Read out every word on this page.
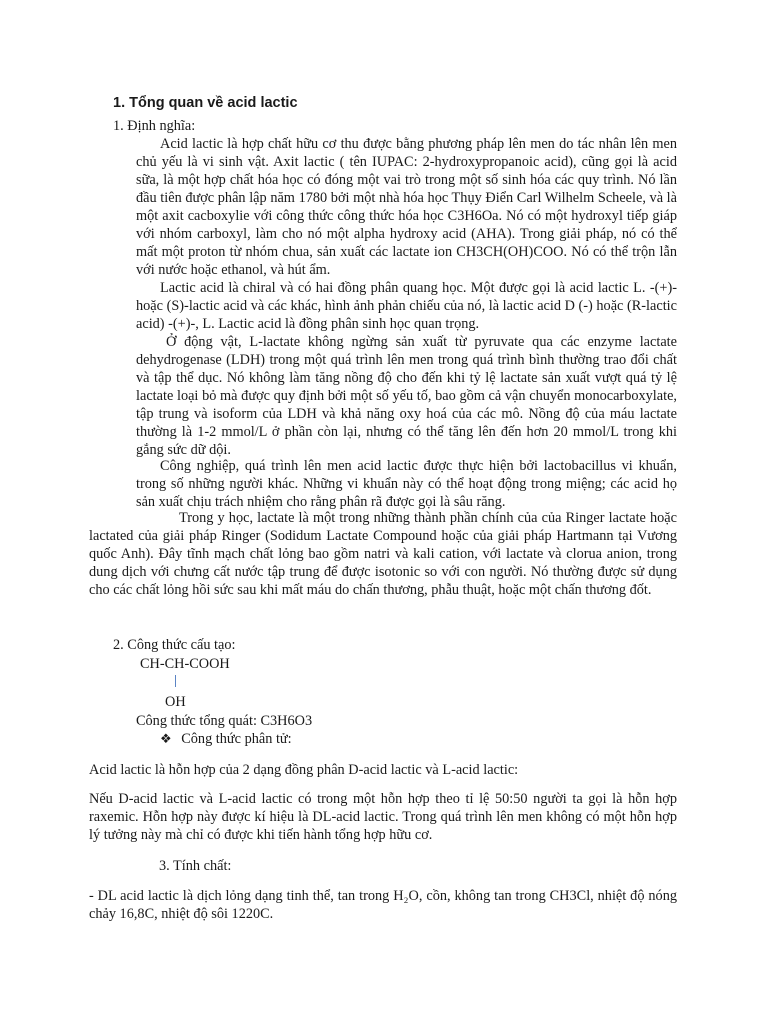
1. Tổng quan về acid lactic
1. Định nghĩa:

Acid lactic là hợp chất hữu cơ thu được bằng phương pháp lên men do tác nhân lên men chủ yếu là vi sinh vật. Axit lactic ( tên IUPAC: 2-hydroxypropanoic acid), cũng gọi là acid sữa, là một hợp chất hóa học có đóng một vai trò trong một số sinh hóa các quy trình. Nó lần đầu tiên được phân lập năm 1780 bởi một nhà hóa học Thụy Điển Carl Wilhelm Scheele, và là một axit cacboxylie với công thức công thức hóa học C3H6Oa. Nó có một hydroxyl tiếp giáp với nhóm carboxyl, làm cho nó một alpha hydroxy acid (AHA). Trong giải pháp, nó có thể mất một proton từ nhóm chua, sản xuất các lactate ion CH3CH(OH)COO. Nó có thể trộn lẫn với nước hoặc ethanol, và hút ẩm.

Lactic acid là chiral và có hai đồng phân quang học. Một được gọi là acid lactic L. -(+)- hoặc (S)-lactic acid và các khác, hình ảnh phản chiếu của nó, là lactic acid D (-) hoặc (R-lactic acid) -(+)-, L. Lactic acid là đồng phân sinh học quan trọng.

Ở động vật, L-lactate không ngừng sản xuất từ pyruvate qua các enzyme lactate dehydrogenase (LDH) trong một quá trình lên men trong quá trình bình thường trao đổi chất và tập thể dục. Nó không làm tăng nồng độ cho đến khi tỷ lệ lactate sản xuất vượt quá tỷ lệ lactate loại bỏ mà được quy định bởi một số yếu tố, bao gồm cả vận chuyển monocarboxylate, tập trung và isoform của LDH và khả năng oxy hoá của các mô. Nồng độ của máu lactate thường là 1-2 mmol/L ở phần còn lại, nhưng có thể tăng lên đến hơn 20 mmol/L trong khi gắng sức dữ dội.

Công nghiệp, quá trình lên men acid lactic được thực hiện bởi lactobacillus vi khuẩn, trong số những người khác. Những vi khuẩn này có thể hoạt động trong miệng; các acid họ sản xuất chịu trách nhiệm cho rằng phân rã được gọi là sâu răng.

Trong y học, lactate là một trong những thành phần chính của của Ringer lactate hoặc lactated của giải pháp Ringer (Sodidum Lactate Compound hoặc của giải pháp Hartmann tại Vương quốc Anh). Đây tĩnh mạch chất lỏng bao gồm natri và kali cation, với lactate và clorua anion, trong dung dịch với chưng cất nước tập trung để được isotonic so với con người. Nó thường được sử dụng cho các chất lỏng hồi sức sau khi mất máu do chấn thương, phẫu thuật, hoặc một chấn thương đốt.

2. Công thức cấu tạo:
CH-CH-COOH
OH
Công thức tổng quát: C3H6O3
❖ Công thức phân tử:
Acid lactic là hỗn hợp của 2 dạng đồng phân D-acid lactic và L-acid lactic:

Nếu D-acid lactic và L-acid lactic có trong một hỗn hợp theo tỉ lệ 50:50 người ta gọi là hỗn hợp raxemic. Hỗn hợp này được kí hiệu là DL-acid lactic. Trong quá trình lên men không có một hỗn hợp lý tưởng này mà chỉ có được khi tiến hành tổng hợp hữu cơ.

3. Tính chất:

- DL acid lactic là dịch lỏng dạng tinh thể, tan trong H₂O, cồn, không tan trong CH3Cl, nhiệt độ nóng chảy 16,8C, nhiệt độ sôi 1220C.
